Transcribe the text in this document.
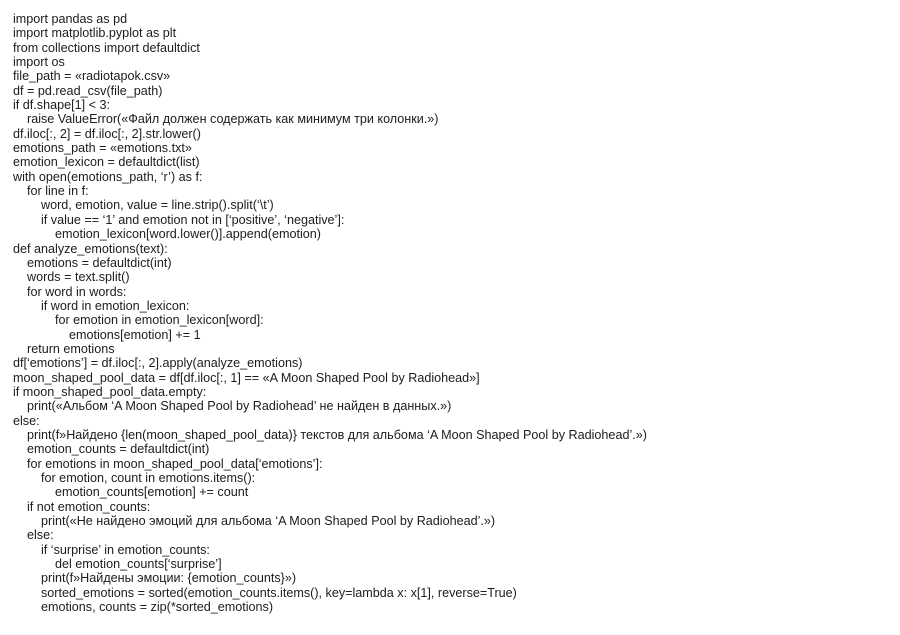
import pandas as pd
import matplotlib.pyplot as plt
from collections import defaultdict
import os
file_path = «radiotapok.csv»
df = pd.read_csv(file_path)
if df.shape[1] < 3:
raise ValueError(«Файл должен содержать как минимум три колонки.»)
df.iloc[:, 2] = df.iloc[:, 2].str.lower()
emotions_path = «emotions.txt»
emotion_lexicon = defaultdict(list)
with open(emotions_path, ‘r’) as f:
for line in f:
word, emotion, value = line.strip().split(‘\t’)
if value == ‘1’ and emotion not in [‘positive’, ‘negative’]:
emotion_lexicon[word.lower()].append(emotion)
def analyze_emotions(text):
emotions = defaultdict(int)
words = text.split()
for word in words:
if word in emotion_lexicon:
for emotion in emotion_lexicon[word]:
emotions[emotion] += 1
return emotions
df[‘emotions’] = df.iloc[:, 2].apply(analyze_emotions)
moon_shaped_pool_data = df[df.iloc[:, 1] == «A Moon Shaped Pool by Radiohead»]
if moon_shaped_pool_data.empty:
print(«Альбом ‘A Moon Shaped Pool by Radiohead’ не найден в данных.»)
else:
print(f»Найдено {len(moon_shaped_pool_data)} текстов для альбома ‘A Moon Shaped Pool by Radiohead’.»)
emotion_counts = defaultdict(int)
for emotions in moon_shaped_pool_data[‘emotions’]:
for emotion, count in emotions.items():
emotion_counts[emotion] += count
if not emotion_counts:
print(«Не найдено эмоций для альбома ‘A Moon Shaped Pool by Radiohead’.»)
else:
if ‘surprise’ in emotion_counts:
del emotion_counts[‘surprise’]
print(f»Найдены эмоции: {emotion_counts}»)
sorted_emotions = sorted(emotion_counts.items(), key=lambda x: x[1], reverse=True)
emotions, counts = zip(*sorted_emotions)
